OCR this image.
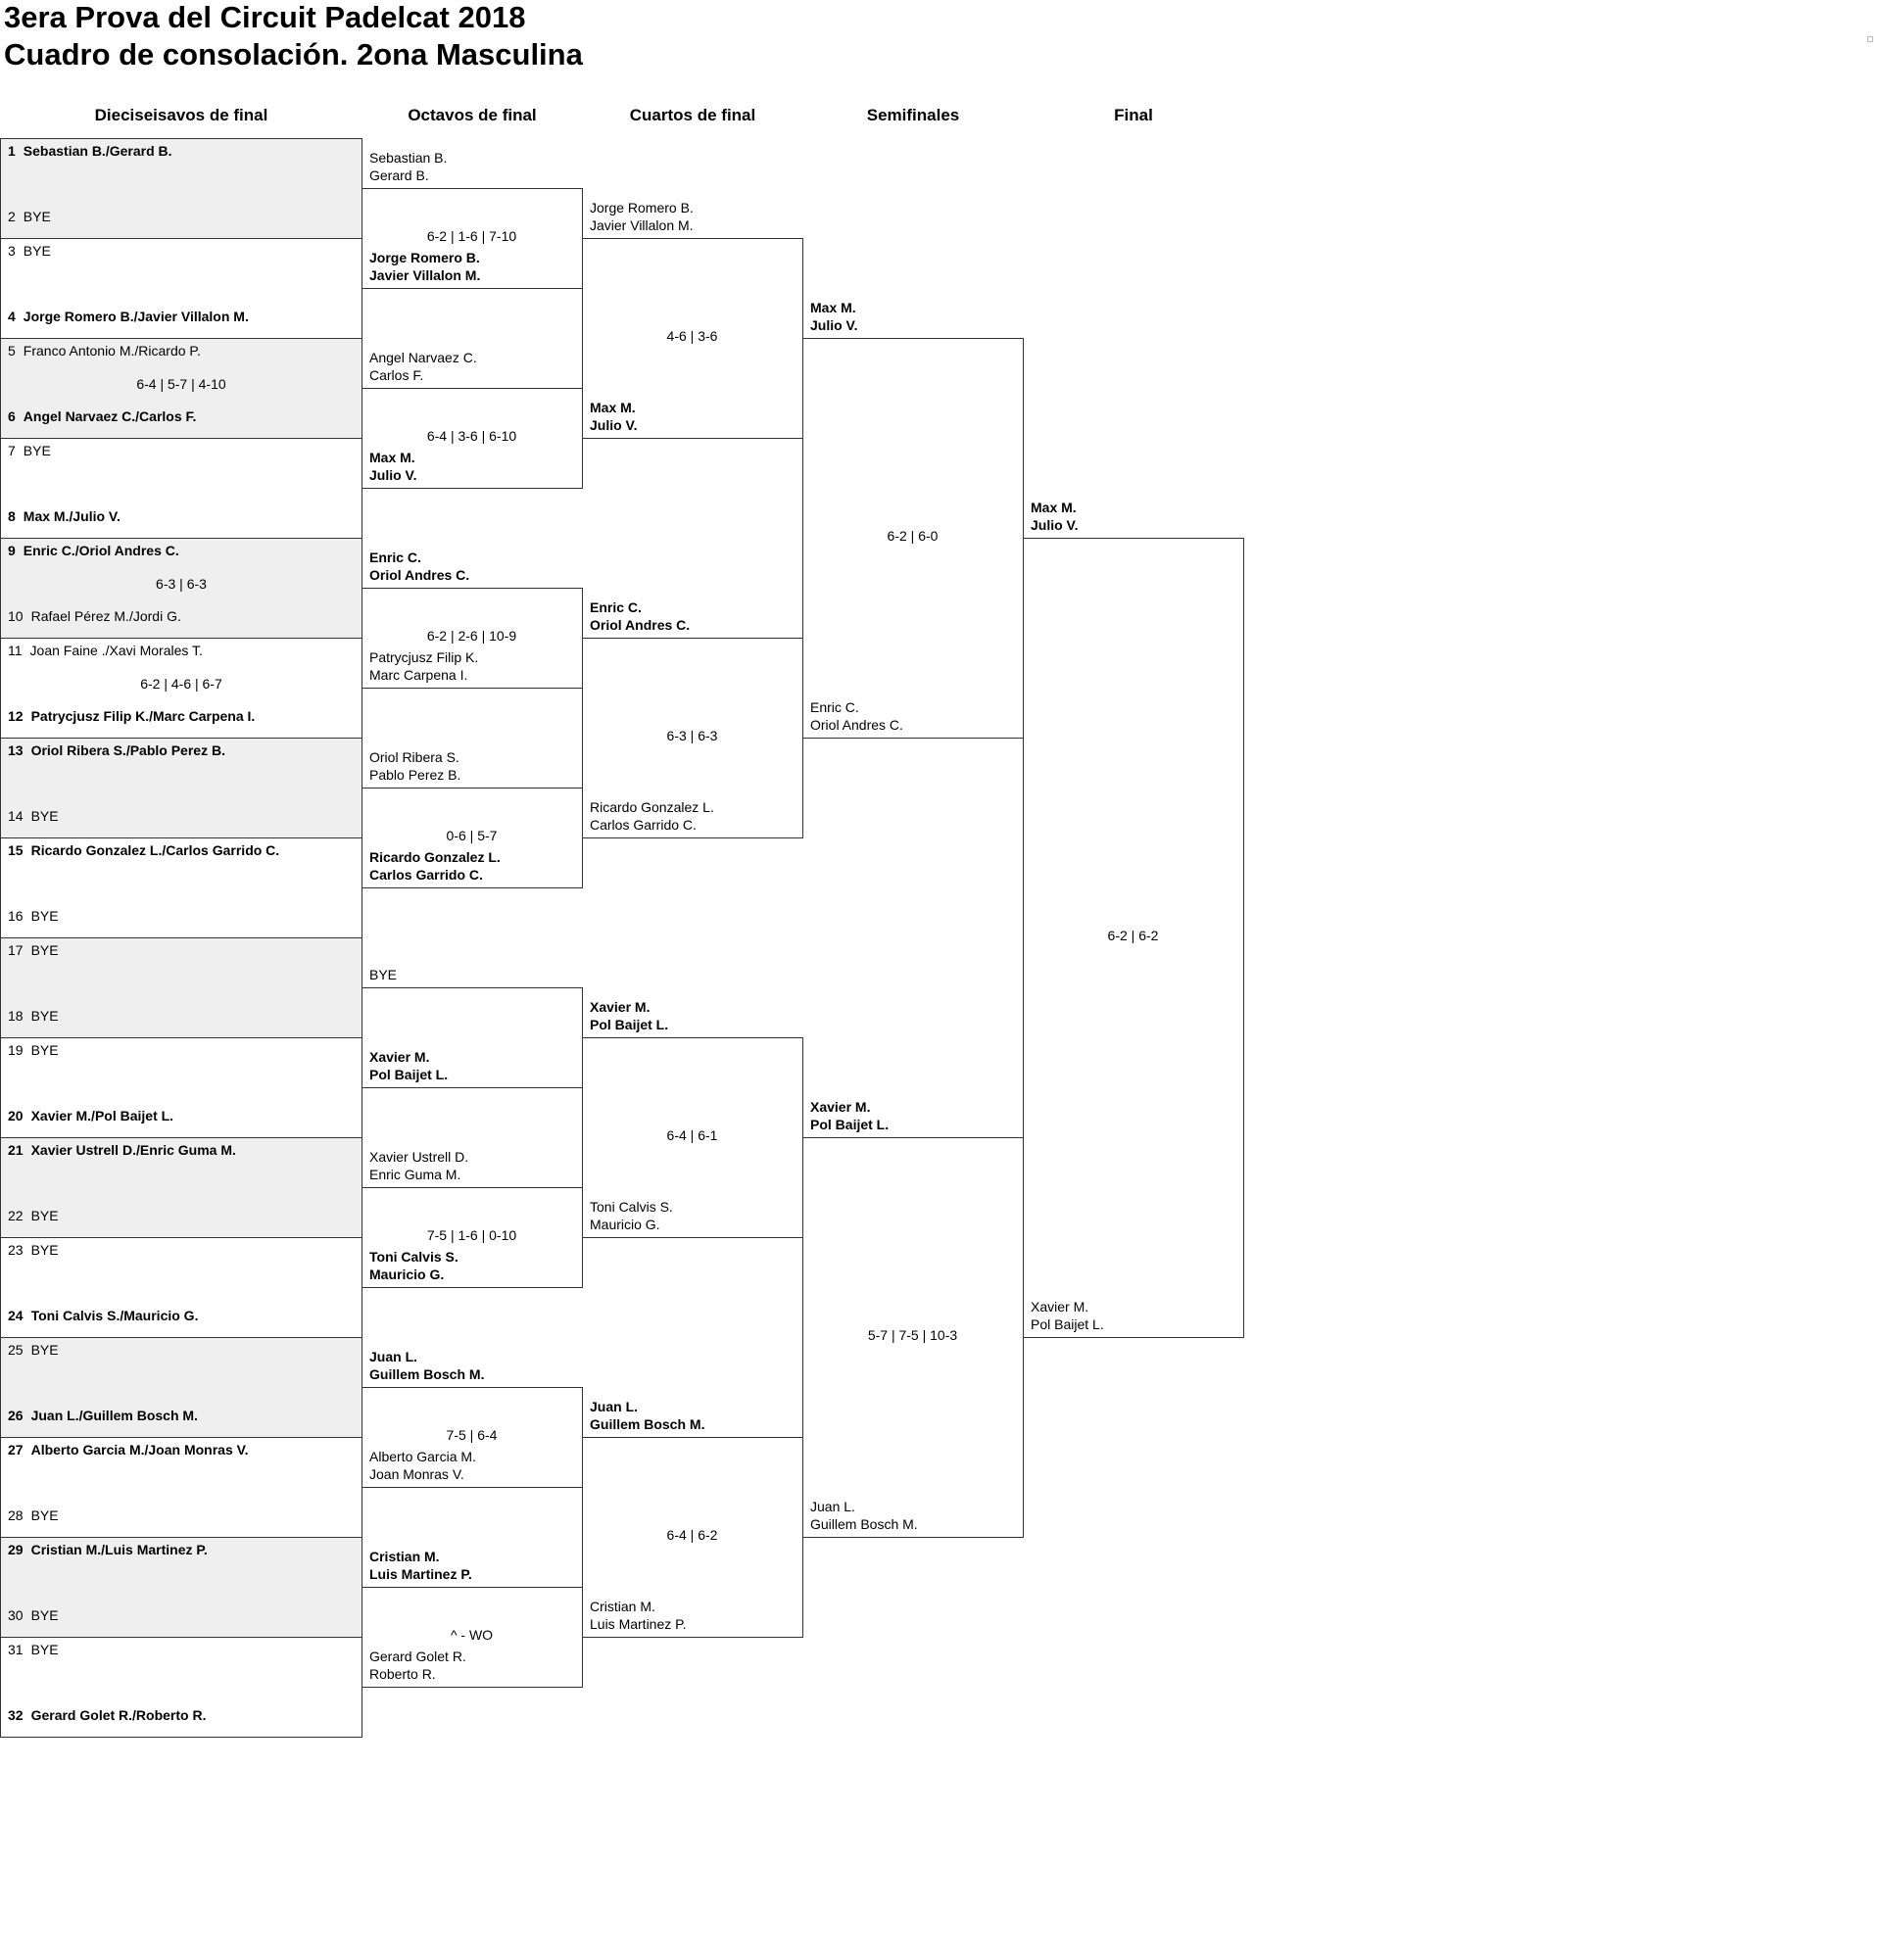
3era Prova del Circuit Padelcat 2018
Cuadro de consolación. 2ona Masculina
Dieciseisavos de final	Octavos de final	Cuartos de final	Semifinales	Final
1 Sebastian B./Gerard B.
2 BYE
3 BYE
4 Jorge Romero B./Javier Villalon M.
5 Franco Antonio M./Ricardo P.
6 Angel Narvaez C./Carlos F.
7 BYE
8 Max M./Julio V.
9 Enric C./Oriol Andres C.
10 Rafael Pérez M./Jordi G.
11 Joan Faine ./Xavi Morales T.
12 Patrycjusz Filip K./Marc Carpena I.
13 Oriol Ribera S./Pablo Perez B.
14 BYE
15 Ricardo Gonzalez L./Carlos Garrido C.
16 BYE
17 BYE
18 BYE
19 BYE
20 Xavier M./Pol Baijet L.
21 Xavier Ustrell D./Enric Guma M.
22 BYE
23 BYE
24 Toni Calvis S./Mauricio G.
25 BYE
26 Juan L./Guillem Bosch M.
27 Alberto Garcia M./Joan Monras V.
28 BYE
29 Cristian M./Luis Martinez P.
30 BYE
31 BYE
32 Gerard Golet R./Roberto R.
6-4 | 5-7 | 4-10
6-3 | 6-3
6-2 | 4-6 | 6-7
6-2 | 1-6 | 7-10
6-4 | 3-6 | 6-10
6-2 | 2-6 | 10-9
0-6 | 5-7
7-5 | 1-6 | 0-10
7-5 | 6-4
^ - WO
Sebastian B.
Gerard B.
Jorge Romero B.
Javier Villalon M.
Angel Narvaez C.
Carlos F.
Max M.
Julio V.
Enric C.
Oriol Andres C.
Patrycjusz Filip K.
Marc Carpena I.
Oriol Ribera S.
Pablo Perez B.
Ricardo Gonzalez L.
Carlos Garrido C.
BYE
Xavier M.
Pol Baijet L.
Xavier Ustrell D.
Enric Guma M.
Toni Calvis S.
Mauricio G.
Juan L.
Guillem Bosch M.
Alberto Garcia M.
Joan Monras V.
Cristian M.
Luis Martinez P.
Gerard Golet R.
Roberto R.
4-6 | 3-6
6-3 | 6-3
6-4 | 6-1
6-4 | 6-2
Jorge Romero B.
Javier Villalon M.
Max M.
Julio V.
Enric C.
Oriol Andres C.
Ricardo Gonzalez L.
Carlos Garrido C.
Xavier M.
Pol Baijet L.
Toni Calvis S.
Mauricio G.
Juan L.
Guillem Bosch M.
Cristian M.
Luis Martinez P.
6-2 | 6-0
5-7 | 7-5 | 10-3
Max M.
Julio V.
Enric C.
Oriol Andres C.
Xavier M.
Pol Baijet L.
Juan L.
Guillem Bosch M.
6-2 | 6-2
Max M.
Julio V.
Xavier M.
Pol Baijet L.
